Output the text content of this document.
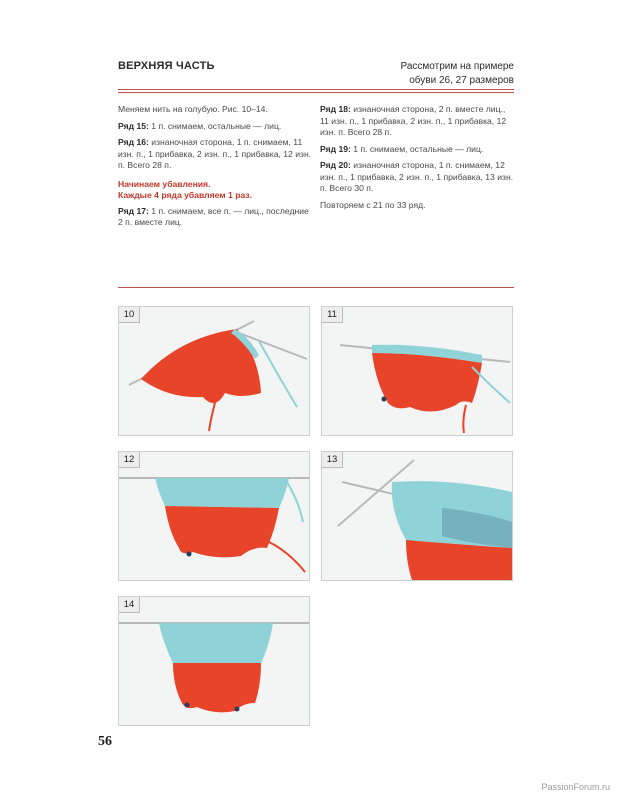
ВЕРХНЯЯ ЧАСТЬ	Рассмотрим на примере
обуви 26, 27 размеров

Меняем нить на голубую. Рис. 10–14.

Ряд 15: 1 п. снимаем, остальные — лиц.

Ряд 16: изнаночная сторона, 1 п. снимаем, 11 изн. п., 1 прибавка, 2 изн. п., 1 прибавка, 12 изн. п. Всего 28 п.

Начинаем убавления.
Каждые 4 ряда убавляем 1 раз.

Ряд 17: 1 п. снимаем, все п. — лиц., последние 2 п. вместе лиц.

Ряд 18: изнаночная сторона, 2 п. вместе лиц., 11 изн. п., 1 прибавка, 2 изн. п., 1 прибавка, 12 изн. п. Всего 28 п.

Ряд 19: 1 п. снимаем, остальные — лиц.

Ряд 20: изнаночная сторона, 1 п. снимаем, 12 изн. п., 1 прибавка, 2 изн. п., 1 прибавка, 13 изн. п. Всего 30 п.

Повторяем с 21 по 33 ряд.

10	11
12	13
14
56
PassionForum.ru
